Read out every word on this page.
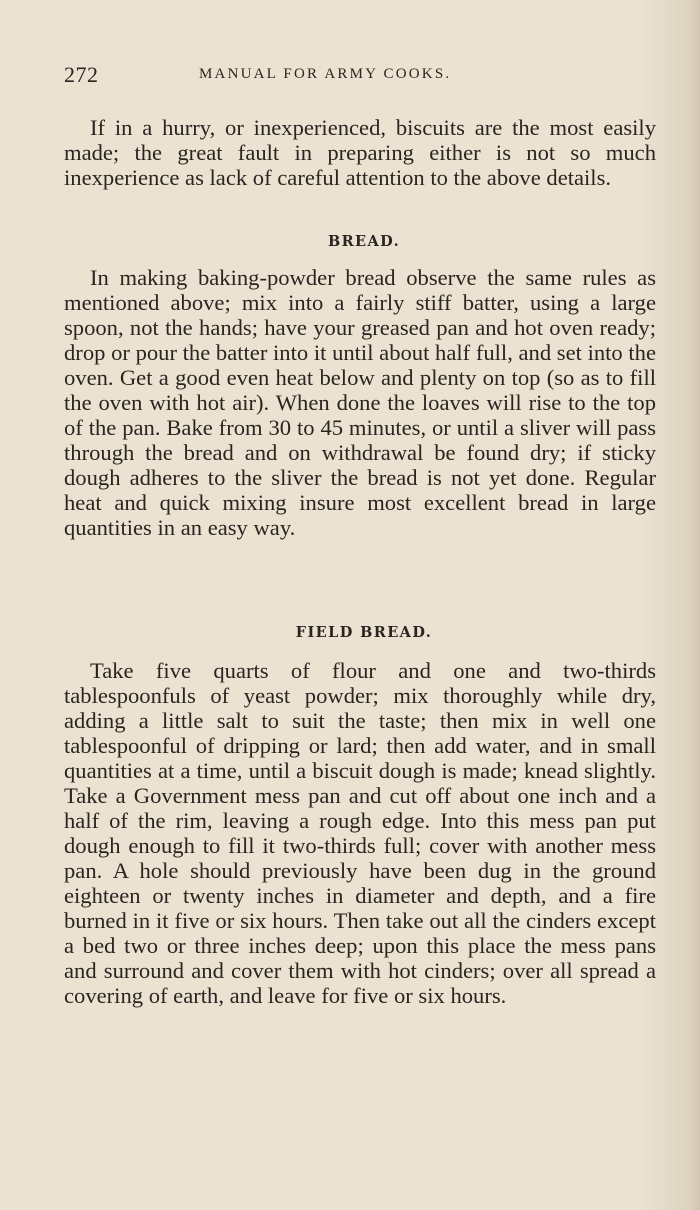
272	MANUAL FOR ARMY COOKS.

If in a hurry, or inexperienced, biscuits are the most easily made; the great fault in preparing either is not so much inexperience as lack of careful attention to the above details.

BREAD.

In making baking-powder bread observe the same rules as mentioned above; mix into a fairly stiff batter, using a large spoon, not the hands; have your greased pan and hot oven ready; drop or pour the batter into it until about half full, and set into the oven. Get a good even heat below and plenty on top (so as to fill the oven with hot air). When done the loaves will rise to the top of the pan. Bake from 30 to 45 minutes, or until a sliver will pass through the bread and on withdrawal be found dry; if sticky dough adheres to the sliver the bread is not yet done. Regular heat and quick mixing insure most excellent bread in large quantities in an easy way.

FIELD BREAD.

Take five quarts of flour and one and two-thirds tablespoonfuls of yeast powder; mix thoroughly while dry, adding a little salt to suit the taste; then mix in well one tablespoonful of dripping or lard; then add water, and in small quantities at a time, until a biscuit dough is made; knead slightly. Take a Government mess pan and cut off about one inch and a half of the rim, leaving a rough edge. Into this mess pan put dough enough to fill it two-thirds full; cover with another mess pan. A hole should previously have been dug in the ground eighteen or twenty inches in diameter and depth, and a fire burned in it five or six hours. Then take out all the cinders except a bed two or three inches deep; upon this place the mess pans and surround and cover them with hot cinders; over all spread a covering of earth, and leave for five or six hours.
